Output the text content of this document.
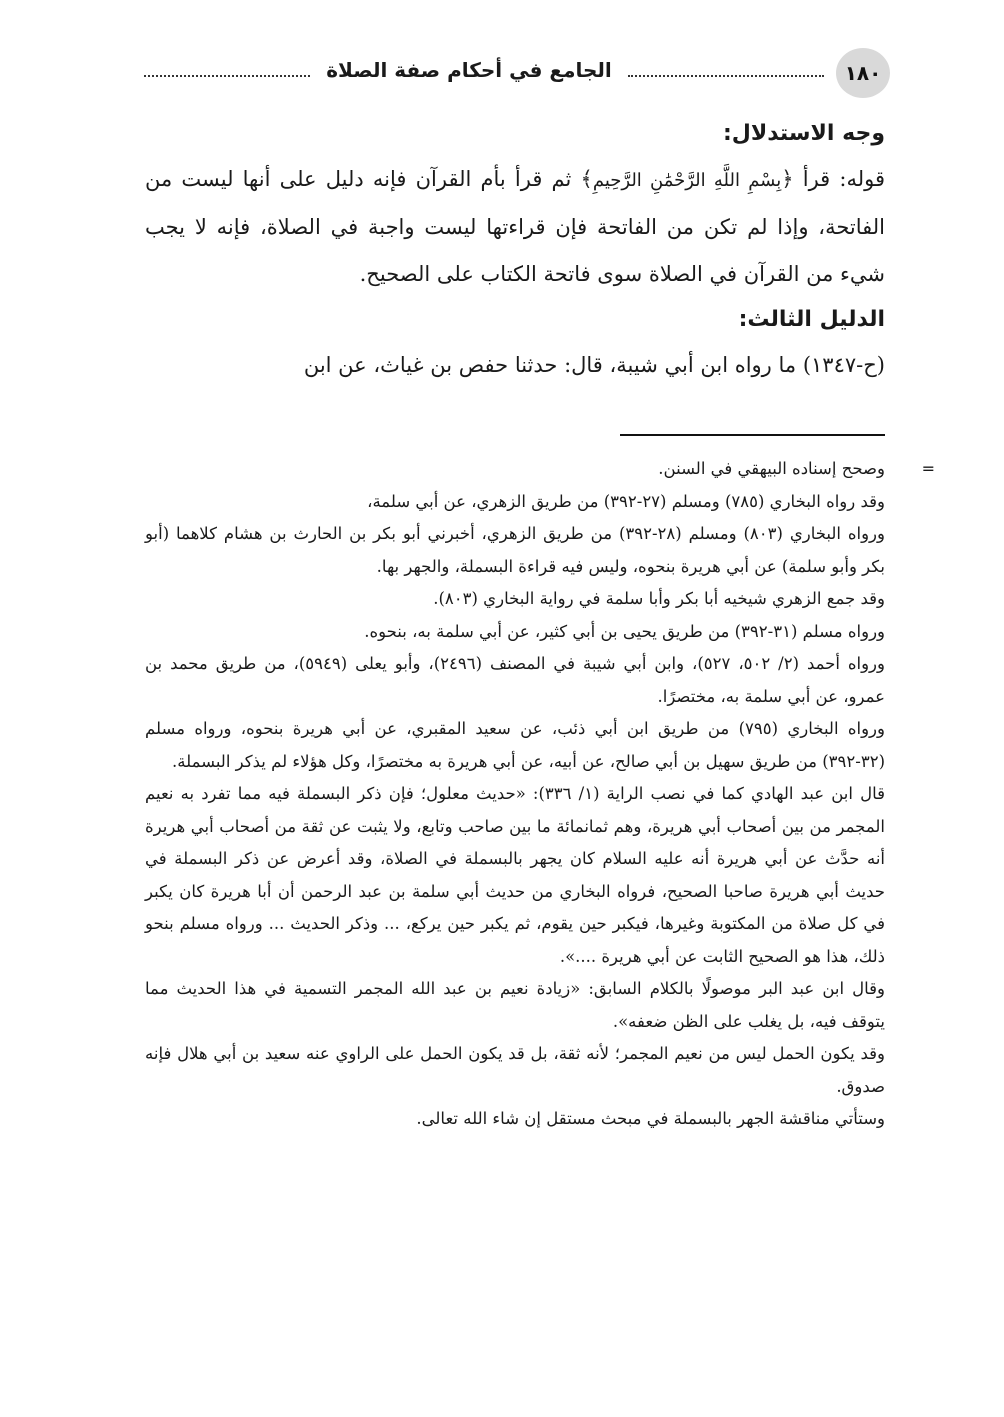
الجامع في أحكام صفة الصلاة	١٨٠

وجه الاستدلال:

قوله: قرأ ﴿بِسْمِ اللَّهِ الرَّحْمَٰنِ الرَّحِيمِ﴾ ثم قرأ بأم القرآن فإنه دليل على أنها ليست من الفاتحة، وإذا لم تكن من الفاتحة فإن قراءتها ليست واجبة في الصلاة، فإنه لا يجب شيء من القرآن في الصلاة سوى فاتحة الكتاب على الصحيح.

الدليل الثالث:

(ح-١٣٤٧) ما رواه ابن أبي شيبة، قال: حدثنا حفص بن غياث، عن ابن

=
وصحح إسناده البيهقي في السنن.

وقد رواه البخاري (٧٨٥) ومسلم (٢٧-٣٩٢) من طريق الزهري، عن أبي سلمة،

ورواه البخاري (٨٠٣) ومسلم (٢٨-٣٩٢) من طريق الزهري، أخبرني أبو بكر بن الحارث بن هشام كلاهما (أبو بكر وأبو سلمة) عن أبي هريرة بنحوه، وليس فيه قراءة البسملة، والجهر بها.

وقد جمع الزهري شيخيه أبا بكر وأبا سلمة في رواية البخاري (٨٠٣).

ورواه مسلم (٣١-٣٩٢) من طريق يحيى بن أبي كثير، عن أبي سلمة به، بنحوه.

ورواه أحمد (٢/ ٥٠٢، ٥٢٧)، وابن أبي شيبة في المصنف (٢٤٩٦)، وأبو يعلى (٥٩٤٩)، من طريق محمد بن عمرو، عن أبي سلمة به، مختصرًا.

ورواه البخاري (٧٩٥) من طريق ابن أبي ذئب، عن سعيد المقبري، عن أبي هريرة بنحوه، ورواه مسلم (٣٢-٣٩٢) من طريق سهيل بن أبي صالح، عن أبيه، عن أبي هريرة به مختصرًا، وكل هؤلاء لم يذكر البسملة.

قال ابن عبد الهادي كما في نصب الراية (١/ ٣٣٦): «حديث معلول؛ فإن ذكر البسملة فيه مما تفرد به نعيم المجمر من بين أصحاب أبي هريرة، وهم ثمانمائة ما بين صاحب وتابع، ولا يثبت عن ثقة من أصحاب أبي هريرة أنه حدَّث عن أبي هريرة أنه عليه السلام كان يجهر بالبسملة في الصلاة، وقد أعرض عن ذكر البسملة في حديث أبي هريرة صاحبا الصحيح، فرواه البخاري من حديث أبي سلمة بن عبد الرحمن أن أبا هريرة كان يكبر في كل صلاة من المكتوبة وغيرها، فيكبر حين يقوم، ثم يكبر حين يركع، ... وذكر الحديث ... ورواه مسلم بنحو ذلك، هذا هو الصحيح الثابت عن أبي هريرة ....».

وقال ابن عبد البر موصولًا بالكلام السابق: «زيادة نعيم بن عبد الله المجمر التسمية في هذا الحديث مما يتوقف فيه، بل يغلب على الظن ضعفه».

وقد يكون الحمل ليس من نعيم المجمر؛ لأنه ثقة، بل قد يكون الحمل على الراوي عنه سعيد بن أبي هلال فإنه صدوق.

وستأتي مناقشة الجهر بالبسملة في مبحث مستقل إن شاء الله تعالى.
